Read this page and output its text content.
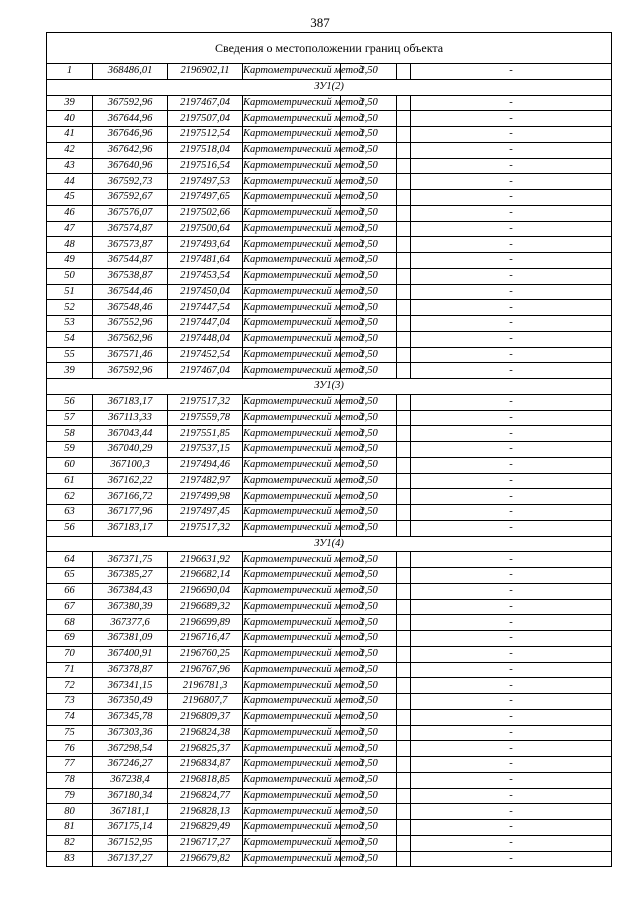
387
Сведения о местоположении границ объекта						
1	368486,01	2196902,11	Картометрический метод	2,50		-
ЗУ1(2)						
39	367592,96	2197467,04	Картометрический метод	2,50		-
40	367644,96	2197507,04	Картометрический метод	2,50		-
41	367646,96	2197512,54	Картометрический метод	2,50		-
42	367642,96	2197518,04	Картометрический метод	2,50		-
43	367640,96	2197516,54	Картометрический метод	2,50		-
44	367592,73	2197497,53	Картометрический метод	2,50		-
45	367592,67	2197497,65	Картометрический метод	2,50		-
46	367576,07	2197502,66	Картометрический метод	2,50		-
47	367574,87	2197500,64	Картометрический метод	2,50		-
48	367573,87	2197493,64	Картометрический метод	2,50		-
49	367544,87	2197481,64	Картометрический метод	2,50		-
50	367538,87	2197453,54	Картометрический метод	2,50		-
51	367544,46	2197450,04	Картометрический метод	2,50		-
52	367548,46	2197447,54	Картометрический метод	2,50		-
53	367552,96	2197447,04	Картометрический метод	2,50		-
54	367562,96	2197448,04	Картометрический метод	2,50		-
55	367571,46	2197452,54	Картометрический метод	2,50		-
39	367592,96	2197467,04	Картометрический метод	2,50		-
ЗУ1(3)						
56	367183,17	2197517,32	Картометрический метод	2,50		-
57	367113,33	2197559,78	Картометрический метод	2,50		-
58	367043,44	2197551,85	Картометрический метод	2,50		-
59	367040,29	2197537,15	Картометрический метод	2,50		-
60	367100,3	2197494,46	Картометрический метод	2,50		-
61	367162,22	2197482,97	Картометрический метод	2,50		-
62	367166,72	2197499,98	Картометрический метод	2,50		-
63	367177,96	2197497,45	Картометрический метод	2,50		-
56	367183,17	2197517,32	Картометрический метод	2,50		-
ЗУ1(4)						
64	367371,75	2196631,92	Картометрический метод	2,50		-
65	367385,27	2196682,14	Картометрический метод	2,50		-
66	367384,43	2196690,04	Картометрический метод	2,50		-
67	367380,39	2196689,32	Картометрический метод	2,50		-
68	367377,6	2196699,89	Картометрический метод	2,50		-
69	367381,09	2196716,47	Картометрический метод	2,50		-
70	367400,91	2196760,25	Картометрический метод	2,50		-
71	367378,87	2196767,96	Картометрический метод	2,50		-
72	367341,15	2196781,3	Картометрический метод	2,50		-
73	367350,49	2196807,7	Картометрический метод	2,50		-
74	367345,78	2196809,37	Картометрический метод	2,50		-
75	367303,36	2196824,38	Картометрический метод	2,50		-
76	367298,54	2196825,37	Картометрический метод	2,50		-
77	367246,27	2196834,87	Картометрический метод	2,50		-
78	367238,4	2196818,85	Картометрический метод	2,50		-
79	367180,34	2196824,77	Картометрический метод	2,50		-
80	367181,1	2196828,13	Картометрический метод	2,50		-
81	367175,14	2196829,49	Картометрический метод	2,50		-
82	367152,95	2196717,27	Картометрический метод	2,50		-
83	367137,27	2196679,82	Картометрический метод	2,50		-
